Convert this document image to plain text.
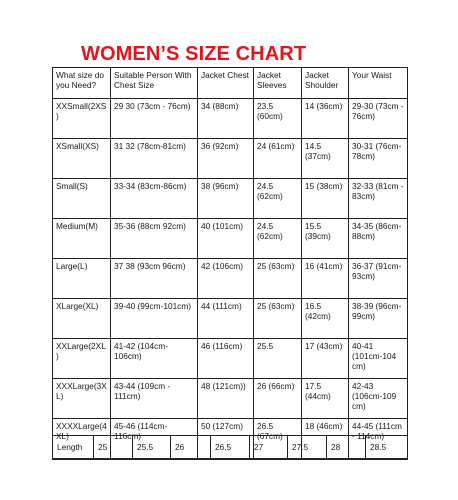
WOMEN’S SIZE CHART
What size do you Need?	Suitable Person With Chest Size	Jacket Chest	Jacket Sleeves	Jacket Shoulder	Your Waist
XXSmall(2XS )	29 30 (73cm - 76cm)	34 (88cm)	23.5 (60cm)	14 (36cm)	29-30 (73cm - 76cm)
XSmall(XS)	31 32 (78cm-81cm)	36 (92cm)	24 (61cm)	14.5 (37cm)	30-31 (76cm-78cm)
Small(S)	33-34 (83cm-86cm)	38 (96cm)	24.5 (62cm)	15 (38cm)	32-33 (81cm - 83cm)
Medium(M)	35-36 (88cm 92cm)	40 (101cm)	24.5 (62cm)	15.5 (39cm)	34-35 (86cm-88cm)
Large(L)	37 38 (93cm 96cm)	42 (106cm)	25 (63cm)	16 (41cm)	36-37 (91cm-93cm)
XLarge(XL)	39-40 (99cm-101cm)	44 (111cm)	25 (63cm)	16.5 (42cm)	38-39 (96cm-99cm)
XXLarge(2XL )	41-42 (104cm-106cm)	46 (116cm)	25.5	17 (43cm)	40-41 (101cm-104 cm)
XXXLarge(3X L)	43-44 (109cm - 111cm)	48 (121cm))	26 (66cm)	17.5 (44cm)	42-43 (106cm-109 cm)
XXXXLarge(4 XL)	45-46 (114cm-116cm)	50 (127cm)	26.5 (67cm)	18 (46cm)	44-45 (111cm - 114cm)
Length	25	25.5	26	26.5	27	27.5	28	28.5
